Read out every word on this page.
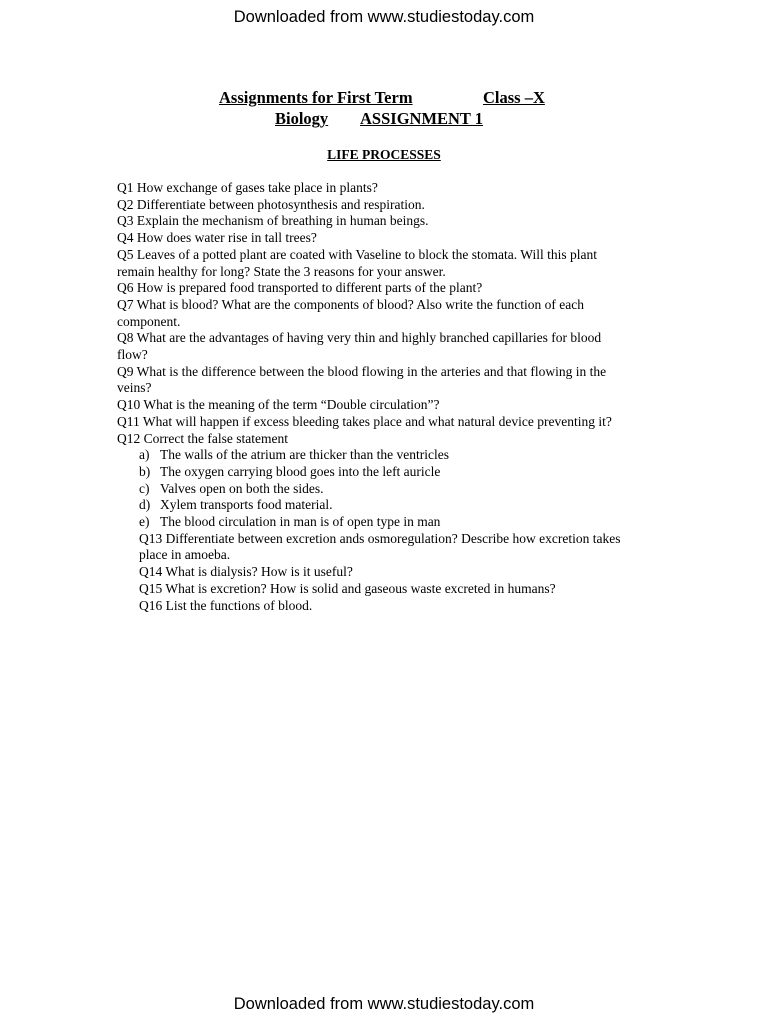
Downloaded from www.studiestoday.com
Assignments for First Term	Class –X
Biology ASSIGNMENT 1
LIFE PROCESSES
Q1 How exchange of gases take place in plants?
Q2 Differentiate between photosynthesis and respiration.
Q3 Explain the mechanism of breathing in human beings.
Q4 How does water rise in tall trees?
Q5 Leaves of a potted plant are coated with Vaseline to block the stomata. Will this plant
remain healthy for long? State the 3 reasons for your answer.
Q6 How is prepared food transported to different parts of the plant?
Q7 What is blood? What are the components of blood? Also write the function of each
component.
Q8 What are the advantages of having very thin and highly branched capillaries for blood
flow?
Q9 What is the difference between the blood flowing in the arteries and that flowing in the
veins?
Q10 What is the meaning of the term “Double circulation”?
Q11 What will happen if excess bleeding takes place and what natural device preventing it?
Q12 Correct the false statement
a) The walls of the atrium are thicker than the ventricles
b) The oxygen carrying blood goes into the left auricle
c) Valves open on both the sides.
d) Xylem transports food material.
e) The blood circulation in man is of open type in man
Q13 Differentiate between excretion ands osmoregulation? Describe how excretion takes
place in amoeba.
Q14 What is dialysis? How is it useful?
Q15 What is excretion? How is solid and gaseous waste excreted in humans?
Q16 List the functions of blood.
Downloaded from www.studiestoday.com
